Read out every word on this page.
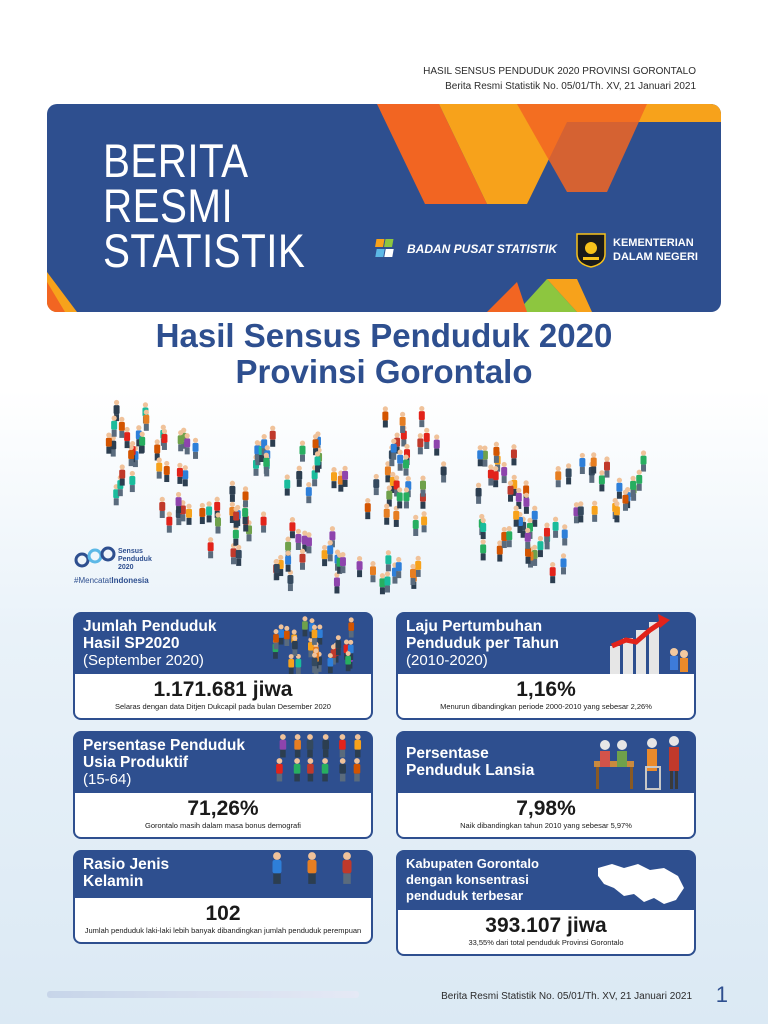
HASIL SENSUS PENDUDUK 2020 PROVINSI GORONTALO
Berita Resmi Statistik No. 05/01/Th. XV, 21 Januari 2021
BERITA
RESMI
STATISTIK	BADAN PUSAT STATISTIK	KEMENTERIAN
DALAM NEGERI
Hasil Sensus Penduduk 2020
Provinsi Gorontalo
Sensus
Penduduk
2020
#MencatatIndonesia
Jumlah Penduduk
Hasil SP2020
(September 2020)
1.171.681 jiwa
Selaras dengan data Ditjen Dukcapil pada bulan Desember 2020
Laju Pertumbuhan
Penduduk per Tahun
(2010-2020)
1,16%
Menurun dibandingkan periode 2000-2010 yang sebesar 2,26%
Persentase Penduduk
Usia Produktif
(15-64)
71,26%
Gorontalo masih dalam masa bonus demografi
Persentase
Penduduk Lansia
7,98%
Naik dibandingkan tahun 2010 yang sebesar 5,97%
Rasio Jenis
Kelamin
102
Jumlah penduduk laki-laki lebih banyak dibandingkan jumlah penduduk perempuan
Kabupaten Gorontalo
dengan konsentrasi
penduduk terbesar
393.107 jiwa
33,55% dari total penduduk Provinsi Gorontalo
Berita Resmi Statistik No. 05/01/Th. XV, 21 Januari 2021 1
